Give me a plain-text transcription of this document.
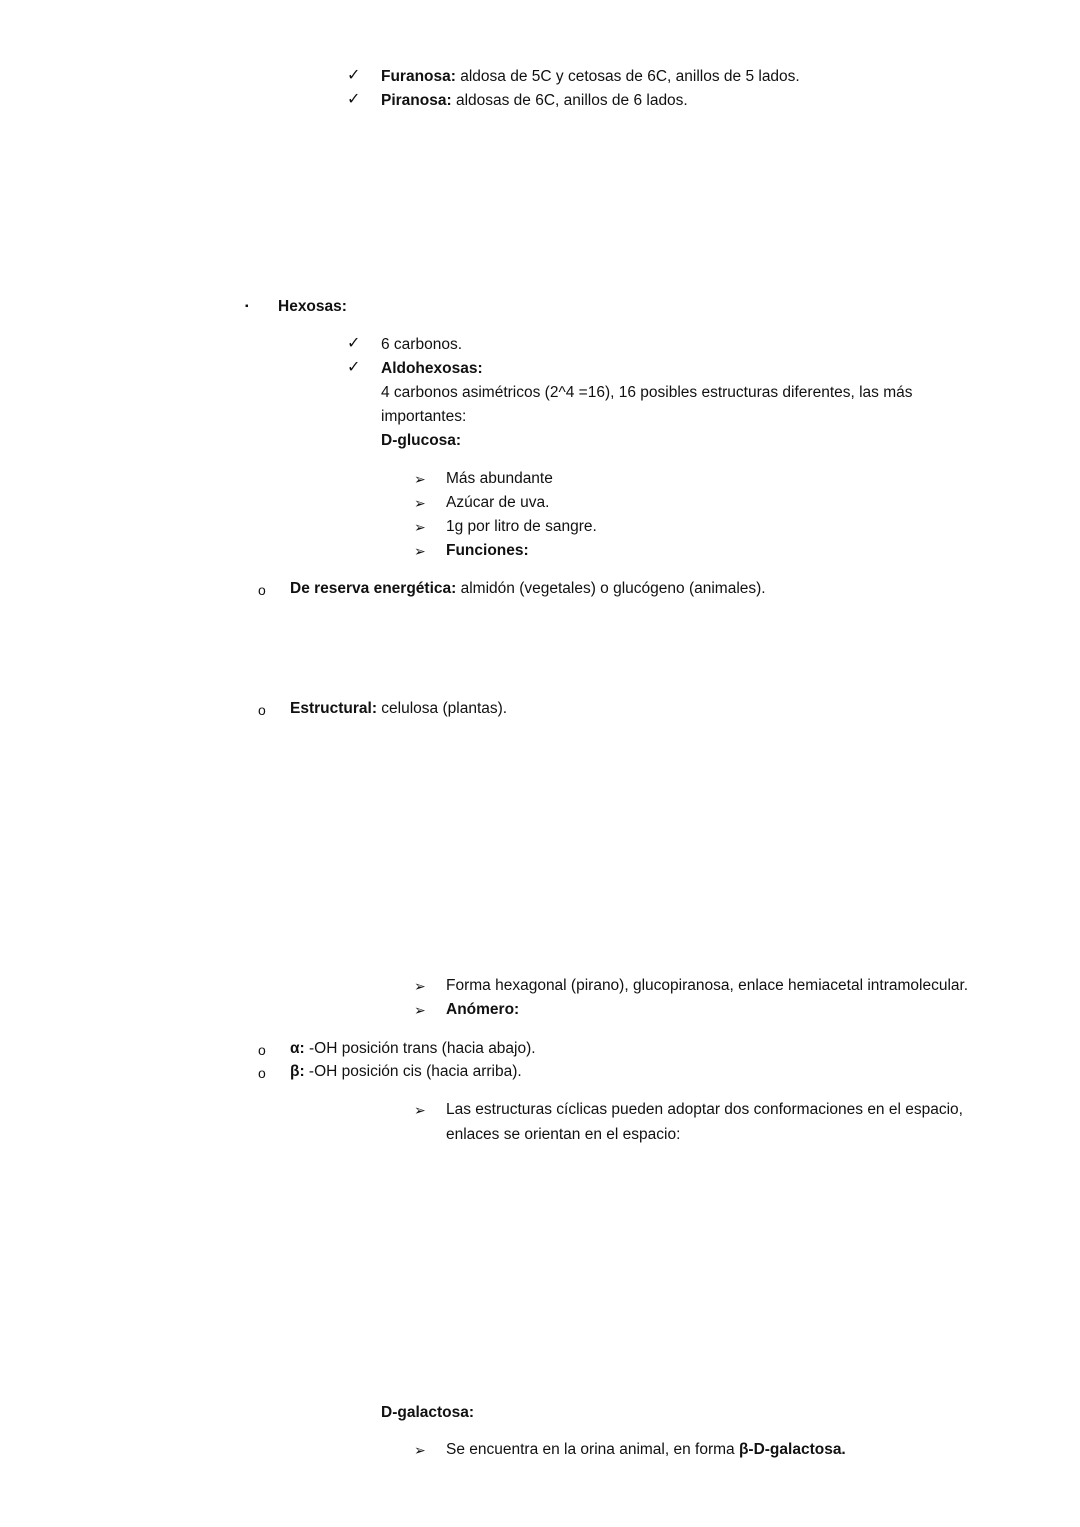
✓ Furanosa: aldosa de 5C y cetosas de 6C, anillos de 5 lados.
✓ Piranosa: aldosas de 6C, anillos de 6 lados.
▪ Hexosas:
✓ 6 carbonos.
✓ Aldohexosas:
4 carbonos asimétricos (2^4 =16), 16 posibles estructuras diferentes, las más
importantes:
D-glucosa:
➢ Más abundante
➢ Azúcar de uva.
➢ 1g por litro de sangre.
➢ Funciones:
o De reserva energética: almidón (vegetales) o glucógeno (animales).
o Estructural: celulosa (plantas).
➢ Forma hexagonal (pirano), glucopiranosa, enlace hemiacetal intramolecular.
➢ Anómero:
o α: -OH posición trans (hacia abajo).
o β: -OH posición cis (hacia arriba).
➢ Las estructuras cíclicas pueden adoptar dos conformaciones en el espacio,
enlaces se orientan en el espacio:
D-galactosa:
➢ Se encuentra en la orina animal, en forma β-D-galactosa.
